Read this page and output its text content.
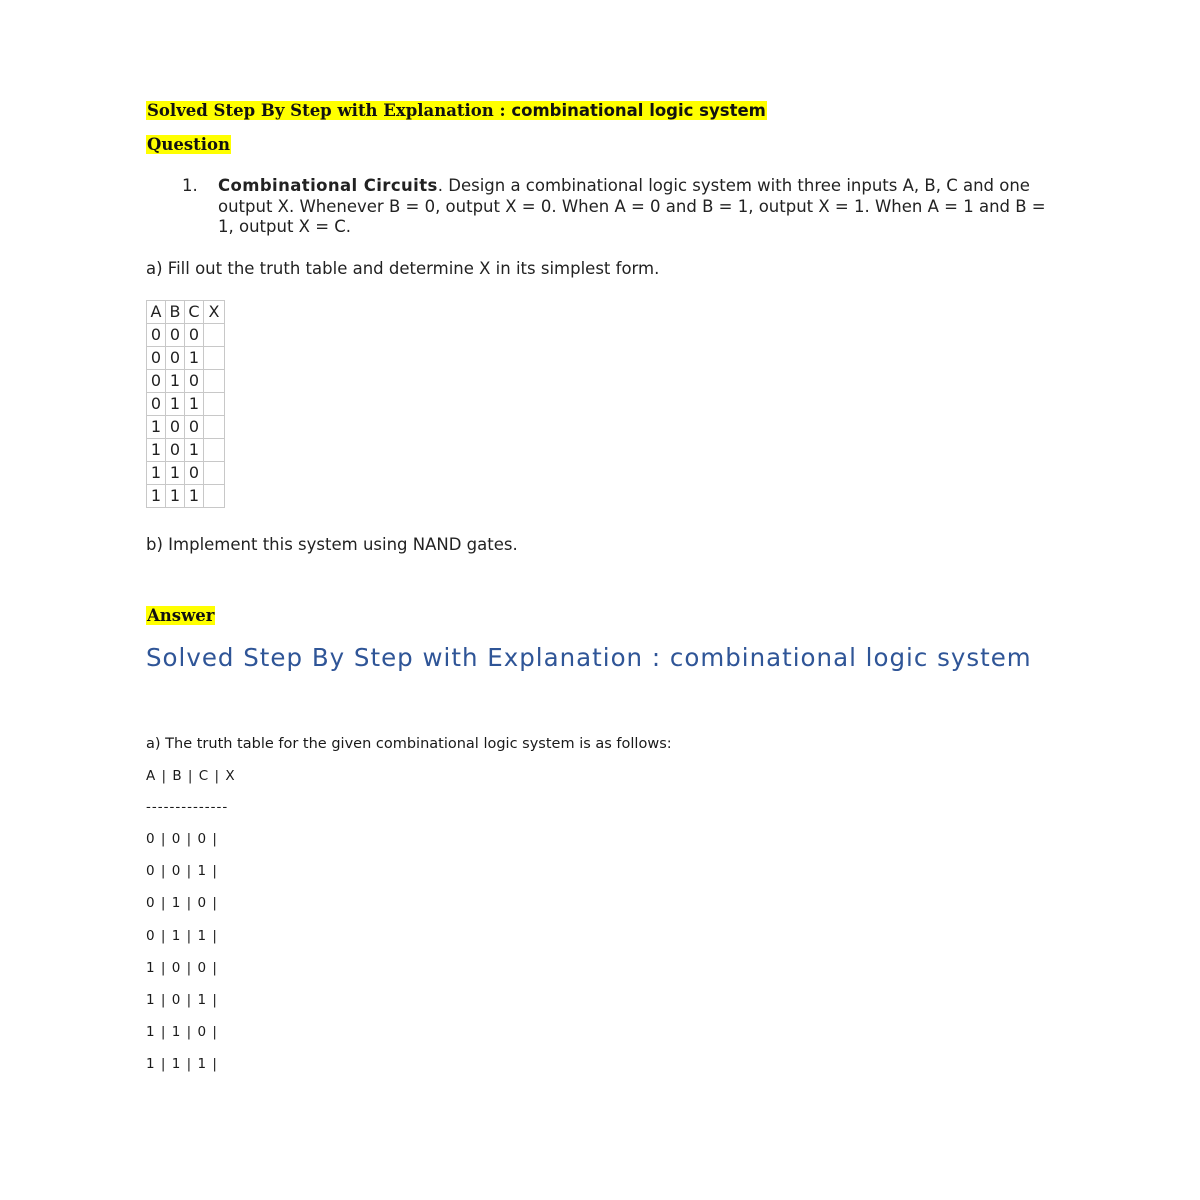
Solved Step By Step with Explanation : combinational logic system
Question
1. Combinational Circuits. Design a combinational logic system with three inputs A, B, C and one output X. Whenever B = 0, output X = 0. When A = 0 and B = 1, output X = 1. When A = 1 and B = 1, output X = C.
a) Fill out the truth table and determine X in its simplest form.
A	B	C	X
0	0	0	
0	0	1	
0	1	0	
0	1	1	
1	0	0	
1	0	1	
1	1	0	
1	1	1	
b) Implement this system using NAND gates.
Answer
Solved Step By Step with Explanation : combinational logic system
a) The truth table for the given combinational logic system is as follows:
A | B | C | X
--------------
0 | 0 | 0 |
0 | 0 | 1 |
0 | 1 | 0 |
0 | 1 | 1 |
1 | 0 | 0 |
1 | 0 | 1 |
1 | 1 | 0 |
1 | 1 | 1 |
